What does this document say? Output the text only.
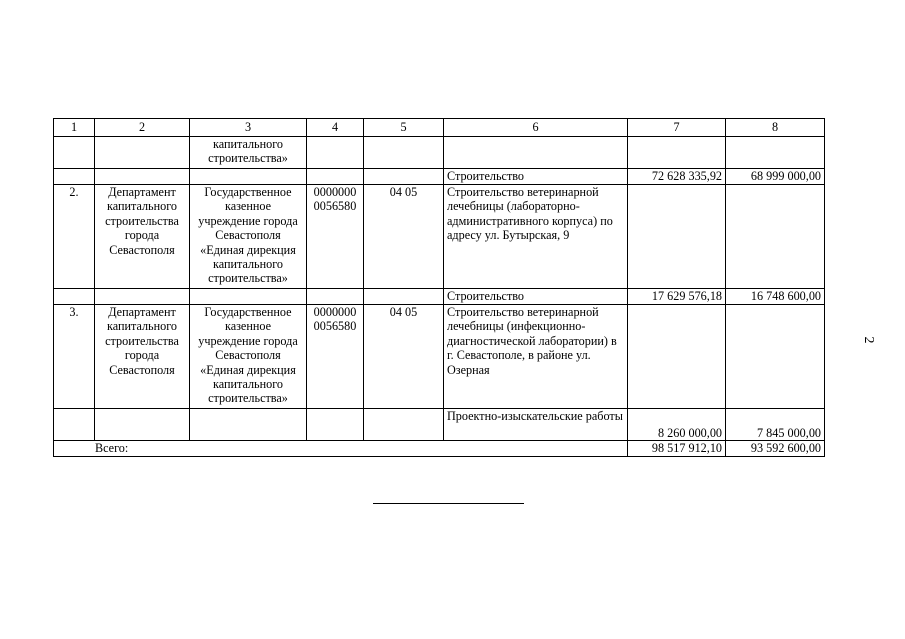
1	2	3	4	5	6	7	8
		капитального строительства»					
					Строительство	72 628 335,92	68 999 000,00
2.	Департамент капитального строительства города Севастополя	Государственное казенное учреждение города Севастополя «Единая дирекция капитального строительства»	0000000 0056580	04 05	Строительство ветеринарной лечебницы (лабораторно-административного корпуса) по адресу ул. Бутырская, 9		
					Строительство	17 629 576,18	16 748 600,00
3.	Департамент капитального строительства города Севастополя	Государственное казенное учреждение города Севастополя «Единая дирекция капитального строительства»	0000000 0056580	04 05	Строительство ветеринарной лечебницы (инфекционно-диагностической лаборатории) в г. Севастополе, в районе ул. Озерная		
					Проектно-изыскательские работы	8 260 000,00	7 845 000,00
Всего:						98 517 912,10	93 592 600,00
2
